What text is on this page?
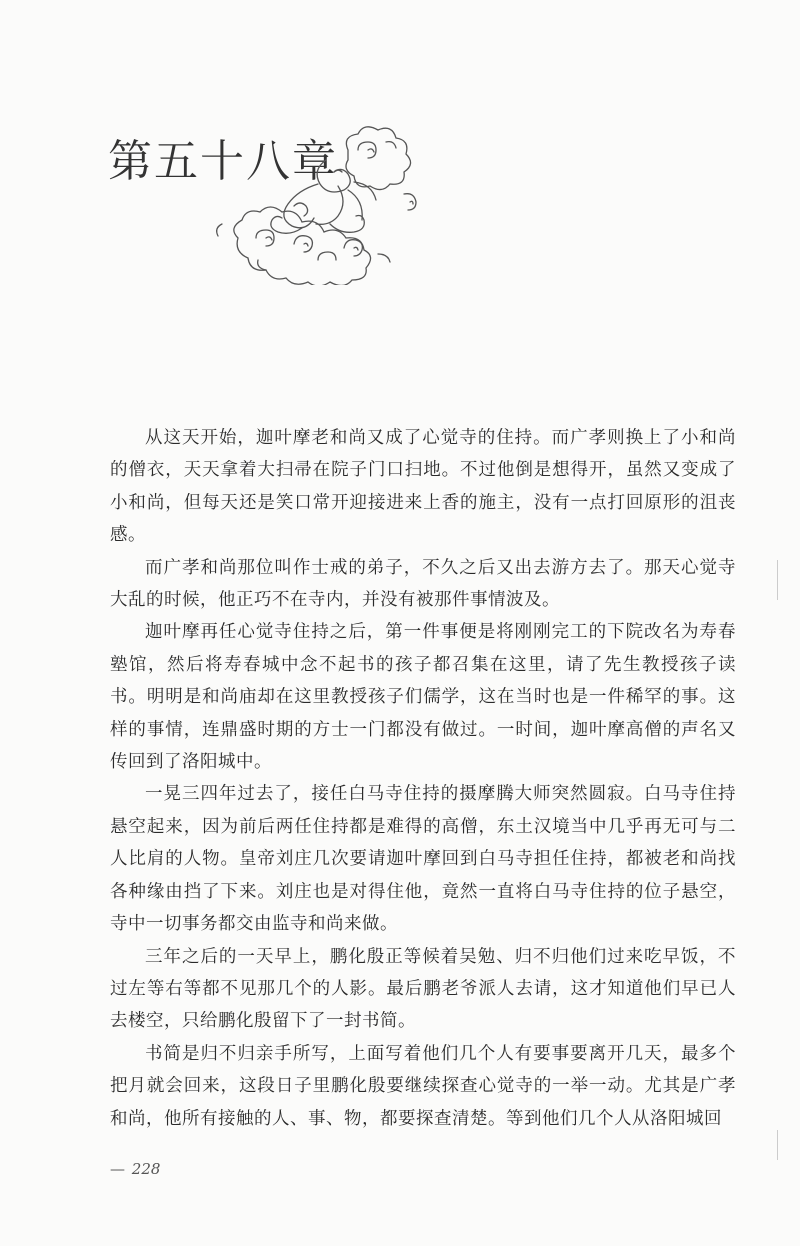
第五十八章

从这天开始，迦叶摩老和尚又成了心觉寺的住持。而广孝则换上了小和尚的僧衣，天天拿着大扫帚在院子门口扫地。不过他倒是想得开，虽然又变成了小和尚，但每天还是笑口常开迎接进来上香的施主，没有一点打回原形的沮丧感。

而广孝和尚那位叫作士戒的弟子，不久之后又出去游方去了。那天心觉寺大乱的时候，他正巧不在寺内，并没有被那件事情波及。

迦叶摩再任心觉寺住持之后，第一件事便是将刚刚完工的下院改名为寿春塾馆，然后将寿春城中念不起书的孩子都召集在这里，请了先生教授孩子读书。明明是和尚庙却在这里教授孩子们儒学，这在当时也是一件稀罕的事。这样的事情，连鼎盛时期的方士一门都没有做过。一时间，迦叶摩高僧的声名又传回到了洛阳城中。

一晃三四年过去了，接任白马寺住持的摄摩腾大师突然圆寂。白马寺住持悬空起来，因为前后两任住持都是难得的高僧，东土汉境当中几乎再无可与二人比肩的人物。皇帝刘庄几次要请迦叶摩回到白马寺担任住持，都被老和尚找各种缘由挡了下来。刘庄也是对得住他，竟然一直将白马寺住持的位子悬空，寺中一切事务都交由监寺和尚来做。

三年之后的一天早上，鹏化殷正等候着吴勉、归不归他们过来吃早饭，不过左等右等都不见那几个的人影。最后鹏老爷派人去请，这才知道他们早已人去楼空，只给鹏化殷留下了一封书简。

书简是归不归亲手所写，上面写着他们几个人有要事要离开几天，最多个把月就会回来，这段日子里鹏化殷要继续探查心觉寺的一举一动。尤其是广孝和尚，他所有接触的人、事、物，都要探查清楚。等到他们几个人从洛阳城回

— 228
